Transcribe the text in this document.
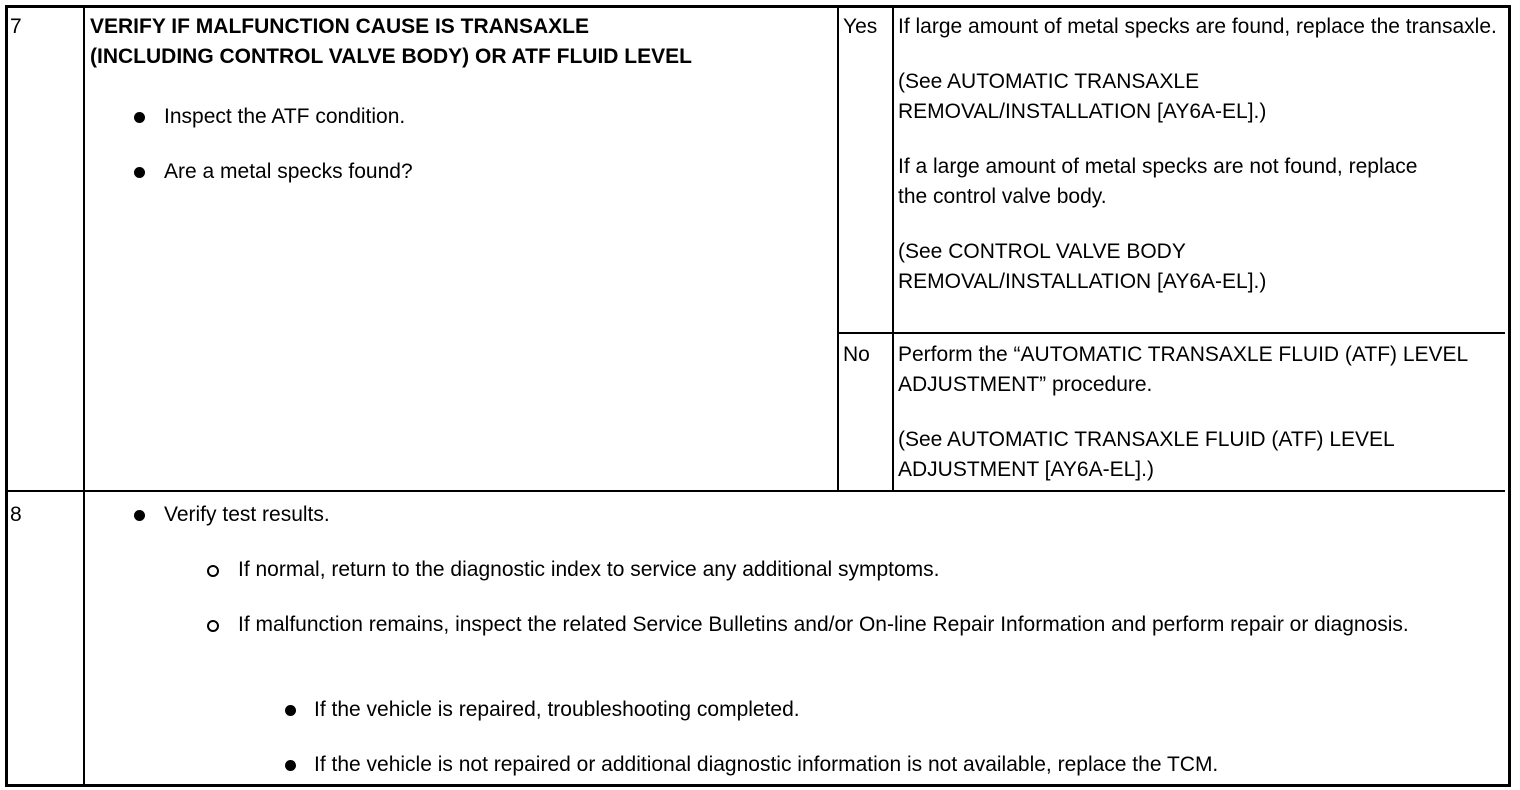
7	VERIFY IF MALFUNCTION CAUSE IS TRANSAXLE

(INCLUDING CONTROL VALVE BODY) OR ATF FLUID LEVEL

Inspect the ATF condition.
Are a metal specks found?
Yes If large amount of metal specks are found, replace the transaxle.

(See AUTOMATIC TRANSAXLE REMOVAL/INSTALLATION [AY6A-EL].)

If a large amount of metal specks are not found, replace the control valve body.

(See CONTROL VALVE BODY REMOVAL/INSTALLATION [AY6A-EL].)

No Perform the “AUTOMATIC TRANSAXLE FLUID (ATF) LEVEL ADJUSTMENT” procedure.

(See AUTOMATIC TRANSAXLE FLUID (ATF) LEVEL ADJUSTMENT [AY6A-EL].)

8	Verify test results.
If normal, return to the diagnostic index to service any additional symptoms.
If malfunction remains, inspect the related Service Bulletins and/or On-line Repair Information and perform repair or diagnosis.
If the vehicle is repaired, troubleshooting completed.
If the vehicle is not repaired or additional diagnostic information is not available, replace the TCM.
